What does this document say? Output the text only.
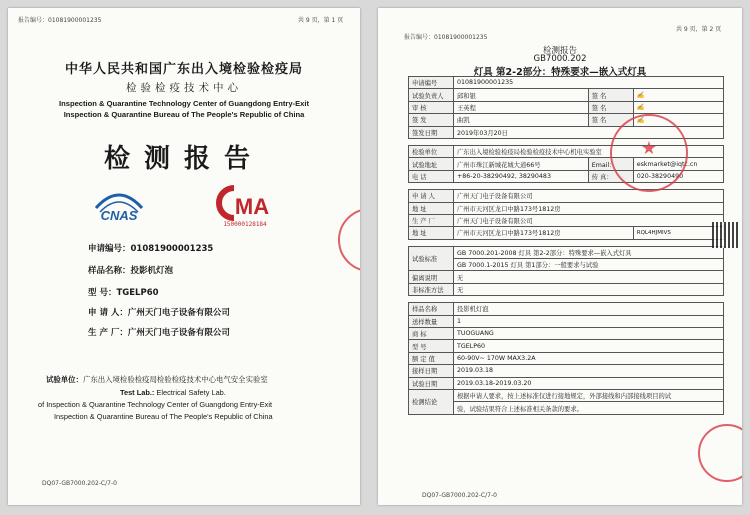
报告编号：01081900001235	共 9 页，第 1 页
中华人民共和国广东出入境检验检疫局
检验检疫技术中心
Inspection & Quarantine Technology Center of Guangdong Entry-Exit
Inspection & Quarantine Bureau of The People's Republic of China
检测报告
CNAS	MA
150000128184
申请编号：01081900001235
样品名称：投影机灯泡
型 号：TGELP60
申 请 人：广州天门电子设备有限公司
生 产 厂：广州天门电子设备有限公司
试验单位：广东出入境检验检疫局检验检疫技术中心电气安全实验室
Test Lab.: Electrical Safety Lab.
of Inspection & Quarantine Technology Center of Guangdong Entry-Exit
Inspection & Quarantine Bureau of The People's Republic of China
DQ07-GB7000.202-C/7-0
报告编号：01081900001235
共 9 页，第 2 页
检测报告
GB7000.202
灯具 第2-2部分：特殊要求—嵌入式灯具
申请编号	01081900001235		
试验负责人	邱和银	签 名	✍
审 核	王英程	签 名	✍
签 发	曲凯	签 名	✍
签发日期	2019年03月20日		

检验单位	广东出入境检验检疫局检验检疫技术中心机电实验室		
试验地址	广州市珠江新城花城大道66号	Email：	eskmarket@iqtc.cn
电 话	+86-20-38290492, 38290483	传 真：	020-38290490

申 请 人	广州天门电子设备有限公司		
地 址	广州市天河区龙口中路173号1812房		
生 产 厂	广州天门电子设备有限公司		
地 址	广州市天河区龙口中路173号1812房		RQL4HJMIVS

试验标准	GB 7000.201-2008 灯具 第2-2部分：特殊要求—嵌入式灯具		
	GB 7000.1-2015 灯具 第1部分：一般要求与试验		
偏离说明	无		
非标准方法	无		

样品名称	投影机灯泡		
送样数量	1		
商 标	TUOGUANG		
型 号	TGELP60		
额 定 值	60-90V~ 170W MAX3.2A		
接样日期	2019.03.18		
试验日期	2019.03.18-2019.03.20		
检测结论	根据申请人要求，按上述标准仅进行接地规定，外部接线和内部接线项目的试		
	验，试验结果符合上述标准相关条款的要求。		
DQ07-GB7000.202-C/7-0
★
